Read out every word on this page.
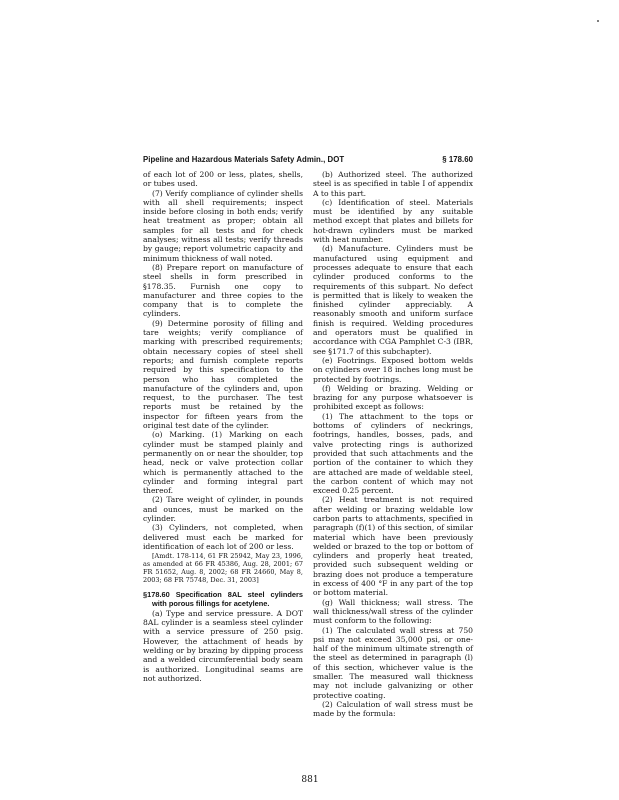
Pipeline and Hazardous Materials Safety Admin., DOT	§ 178.60

of each lot of 200 or less, plates, shells, or tubes used.

(7) Verify compliance of cylinder shells with all shell requirements; inspect inside before closing in both ends; verify heat treatment as proper; obtain all samples for all tests and for check analyses; witness all tests; verify threads by gauge; report volumetric capacity and minimum thickness of wall noted.

(8) Prepare report on manufacture of steel shells in form prescribed in §178.35. Furnish one copy to manufacturer and three copies to the company that is to complete the cylinders.

(9) Determine porosity of filling and tare weights; verify compliance of marking with prescribed requirements; obtain necessary copies of steel shell reports; and furnish complete reports required by this specification to the person who has completed the manufacture of the cylinders and, upon request, to the purchaser. The test reports must be retained by the inspector for fifteen years from the original test date of the cylinder.

(o) Marking. (1) Marking on each cylinder must be stamped plainly and permanently on or near the shoulder, top head, neck or valve protection collar which is permanently attached to the cylinder and forming integral part thereof.

(2) Tare weight of cylinder, in pounds and ounces, must be marked on the cylinder.

(3) Cylinders, not completed, when delivered must each be marked for identification of each lot of 200 or less.

[Amdt. 178-114, 61 FR 25942, May 23, 1996, as amended at 66 FR 45386, Aug. 28, 2001; 67 FR 51652, Aug. 8, 2002; 68 FR 24660, May 8, 2003; 68 FR 75748, Dec. 31, 2003]

§178.60 Specification 8AL steel cylinders with porous fillings for acetylene.

(a) Type and service pressure. A DOT 8AL cylinder is a seamless steel cylinder with a service pressure of 250 psig. However, the attachment of heads by welding or by brazing by dipping process and a welded circumferential body seam is authorized. Longitudinal seams are not authorized.

(b) Authorized steel. The authorized steel is as specified in table I of appendix A to this part.

(c) Identification of steel. Materials must be identified by any suitable method except that plates and billets for hot-drawn cylinders must be marked with heat number.

(d) Manufacture. Cylinders must be manufactured using equipment and processes adequate to ensure that each cylinder produced conforms to the requirements of this subpart. No defect is permitted that is likely to weaken the finished cylinder appreciably. A reasonably smooth and uniform surface finish is required. Welding procedures and operators must be qualified in accordance with CGA Pamphlet C-3 (IBR, see §171.7 of this subchapter).

(e) Footrings. Exposed bottom welds on cylinders over 18 inches long must be protected by footrings.

(f) Welding or brazing. Welding or brazing for any purpose whatsoever is prohibited except as follows:

(1) The attachment to the tops or bottoms of cylinders of neckrings, footrings, handles, bosses, pads, and valve protecting rings is authorized provided that such attachments and the portion of the container to which they are attached are made of weldable steel, the carbon content of which may not exceed 0.25 percent.

(2) Heat treatment is not required after welding or brazing weldable low carbon parts to attachments, specified in paragraph (f)(1) of this section, of similar material which have been previously welded or brazed to the top or bottom of cylinders and properly heat treated, provided such subsequent welding or brazing does not produce a temperature in excess of 400 °F in any part of the top or bottom material.

(g) Wall thickness; wall stress. The wall thickness/wall stress of the cylinder must conform to the following:

(1) The calculated wall stress at 750 psi may not exceed 35,000 psi, or one-half of the minimum ultimate strength of the steel as determined in paragraph (l) of this section, whichever value is the smaller. The measured wall thickness may not include galvanizing or other protective coating.

(2) Calculation of wall stress must be made by the formula:

881
